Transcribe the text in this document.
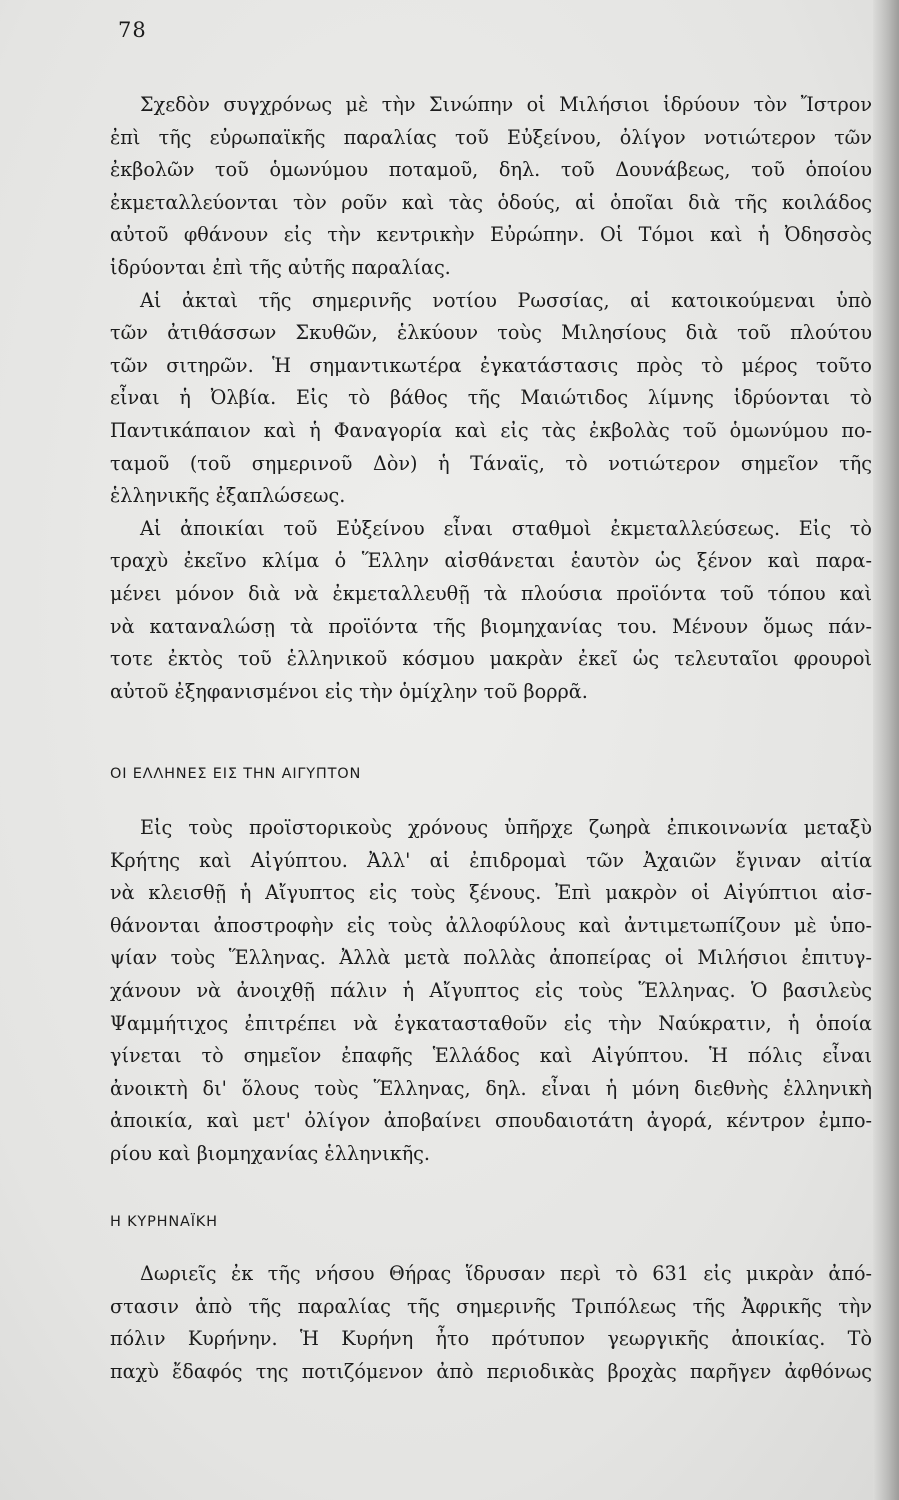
78
Σχεδὸν συγχρόνως μὲ τὴν Σινώπην οἱ Μιλήσιοι ἱδρύουν τὸν Ἴστρον
ἐπὶ τῆς εὐρωπαϊκῆς παραλίας τοῦ Εὐξείνου, ὀλίγον νοτιώτερον τῶν
ἐκβολῶν τοῦ ὁμωνύμου ποταμοῦ, δηλ. τοῦ Δουνάβεως, τοῦ ὁποίου
ἐκμεταλλεύονται τὸν ροῦν καὶ τὰς ὁδούς, αἱ ὁποῖαι διὰ τῆς κοιλάδος
αὐτοῦ φθάνουν εἰς τὴν κεντρικὴν Εὐρώπην. Οἱ Τόμοι καὶ ἡ Ὀδησσὸς
ἱδρύονται ἐπὶ τῆς αὐτῆς παραλίας.
Αἱ ἀκταὶ τῆς σημερινῆς νοτίου Ρωσσίας, αἱ κατοικούμεναι ὑπὸ
τῶν ἀτιθάσσων Σκυθῶν, ἑλκύουν τοὺς Μιλησίους διὰ τοῦ πλούτου
τῶν σιτηρῶν. Ἡ σημαντικωτέρα ἐγκατάστασις πρὸς τὸ μέρος τοῦτο
εἶναι ἡ Ὀλβία. Εἰς τὸ βάθος τῆς Μαιώτιδος λίμνης ἱδρύονται τὸ
Παντικάπαιον καὶ ἡ Φαναγορία καὶ εἰς τὰς ἐκβολὰς τοῦ ὁμωνύμου πο-
ταμοῦ (τοῦ σημερινοῦ Δὸν) ἡ Τάναϊς, τὸ νοτιώτερον σημεῖον τῆς
ἑλληνικῆς ἐξαπλώσεως.
Αἱ ἀποικίαι τοῦ Εὐξείνου εἶναι σταθμοὶ ἐκμεταλλεύσεως. Εἰς τὸ
τραχὺ ἐκεῖνο κλίμα ὁ Ἕλλην αἰσθάνεται ἑαυτὸν ὡς ξένον καὶ παρα-
μένει μόνον διὰ νὰ ἐκμεταλλευθῇ τὰ πλούσια προϊόντα τοῦ τόπου καὶ
νὰ καταναλώσῃ τὰ προϊόντα τῆς βιομηχανίας του. Μένουν ὅμως πάν-
τοτε ἐκτὸς τοῦ ἑλληνικοῦ κόσμου μακρὰν ἐκεῖ ὡς τελευταῖοι φρουροὶ
αὐτοῦ ἐξηφανισμένοι εἰς τὴν ὁμίχλην τοῦ βορρᾶ.
ΟΙ ΕΛΛΗΝΕΣ ΕΙΣ ΤΗΝ ΑΙΓΥΠΤΟΝ
Εἰς τοὺς προϊστορικοὺς χρόνους ὑπῆρχε ζωηρὰ ἐπικοινωνία μεταξὺ
Κρήτης καὶ Αἰγύπτου. Ἀλλ' αἱ ἐπιδρομαὶ τῶν Ἀχαιῶν ἔγιναν αἰτία
νὰ κλεισθῇ ἡ Αἴγυπτος εἰς τοὺς ξένους. Ἐπὶ μακρὸν οἱ Αἰγύπτιοι αἰσ-
θάνονται ἀποστροφὴν εἰς τοὺς ἀλλοφύλους καὶ ἀντιμετωπίζουν μὲ ὑπο-
ψίαν τοὺς Ἕλληνας. Ἀλλὰ μετὰ πολλὰς ἀποπείρας οἱ Μιλήσιοι ἐπιτυγ-
χάνουν νὰ ἀνοιχθῇ πάλιν ἡ Αἴγυπτος εἰς τοὺς Ἕλληνας. Ὁ βασιλεὺς
Ψαμμήτιχος ἐπιτρέπει νὰ ἐγκατασταθοῦν εἰς τὴν Ναύκρατιν, ἡ ὁποία
γίνεται τὸ σημεῖον ἐπαφῆς Ἑλλάδος καὶ Αἰγύπτου. Ἡ πόλις εἶναι
ἀνοικτὴ δι' ὅλους τοὺς Ἕλληνας, δηλ. εἶναι ἡ μόνη διεθνὴς ἑλληνικὴ
ἀποικία, καὶ μετ' ὀλίγον ἀποβαίνει σπουδαιοτάτη ἀγορά, κέντρον ἐμπο-
ρίου καὶ βιομηχανίας ἑλληνικῆς.
Η ΚΥΡΗΝΑΪΚΗ
Δωριεῖς ἐκ τῆς νήσου Θήρας ἵδρυσαν περὶ τὸ 631 εἰς μικρὰν ἀπό-
στασιν ἀπὸ τῆς παραλίας τῆς σημερινῆς Τριπόλεως τῆς Ἀφρικῆς τὴν
πόλιν Κυρήνην. Ἡ Κυρήνη ἦτο πρότυπον γεωργικῆς ἀποικίας. Τὸ
παχὺ ἔδαφός της ποτιζόμενον ἀπὸ περιοδικὰς βροχὰς παρῆγεν ἀφθόνως
